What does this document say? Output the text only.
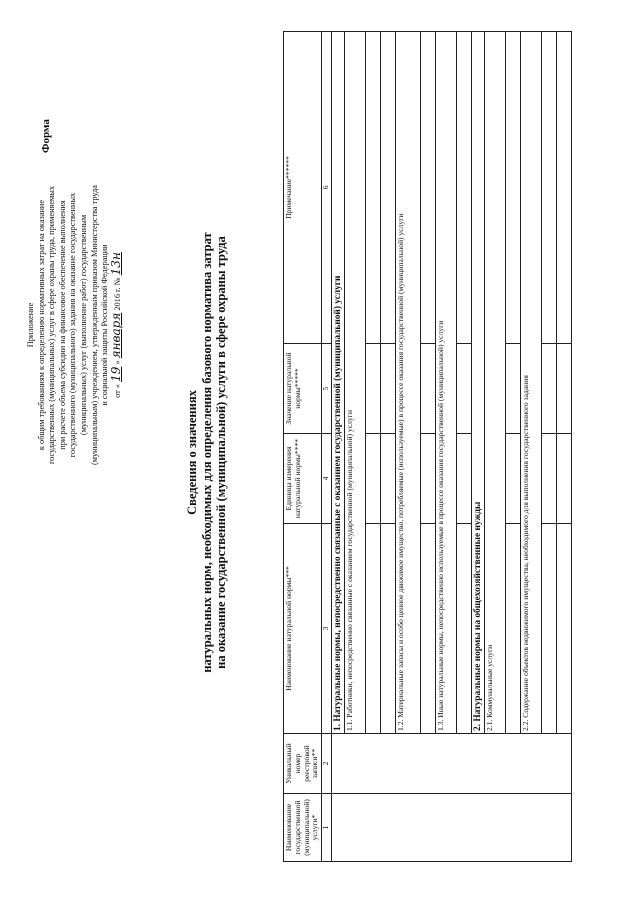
Приложение к общим требованиям к определению нормативных затрат на оказание государственных (муниципальных) услуг в сфере охраны труда, применяемых при расчете объема субсидии на финансовое обеспечение выполнения государственного (муниципального) задания на оказание государственных (муниципальных) услуг (выполнение работ) государственным (муниципальным) учреждением, утвержденным приказом Министерства труда и социальной защиты Российской Федерации от « 19 » января 2016 г. № 13н
Форма
Сведения о значениях натуральных норм, необходимых для определения базового норматива затрат на оказание государственной (муниципальной) услуги в сфере охраны труда
Наименование государственной (муниципальной) услуги*	Уникальный номер реестровой записи**	Наименование натуральной нормы***	Единица измерения натуральной нормы****	Значение натуральной нормы*****	Примечание******
1	2	3	4	5	6
		1. Натуральные нормы, непосредственно связанные с оказанием государственной (муниципальной) услуги			
		1.1. Работники, непосредственно связанные с оказанием государственной (муниципальной) услуги			

		1.2. Материальные запасы и особо ценное движимое имущество, потребляемые (используемые) в процессе оказания государственной (муниципальной) услуги			

		1.3. Иные натуральные нормы, непосредственно используемые в процессе оказания государственной (муниципальной) услуги			

		2. Натуральные нормы на общехозяйственные нужды			
		2.1. Коммунальные услуги			

		2.2. Содержание объектов недвижимого имущества, необходимого для выполнения государственного задания			
